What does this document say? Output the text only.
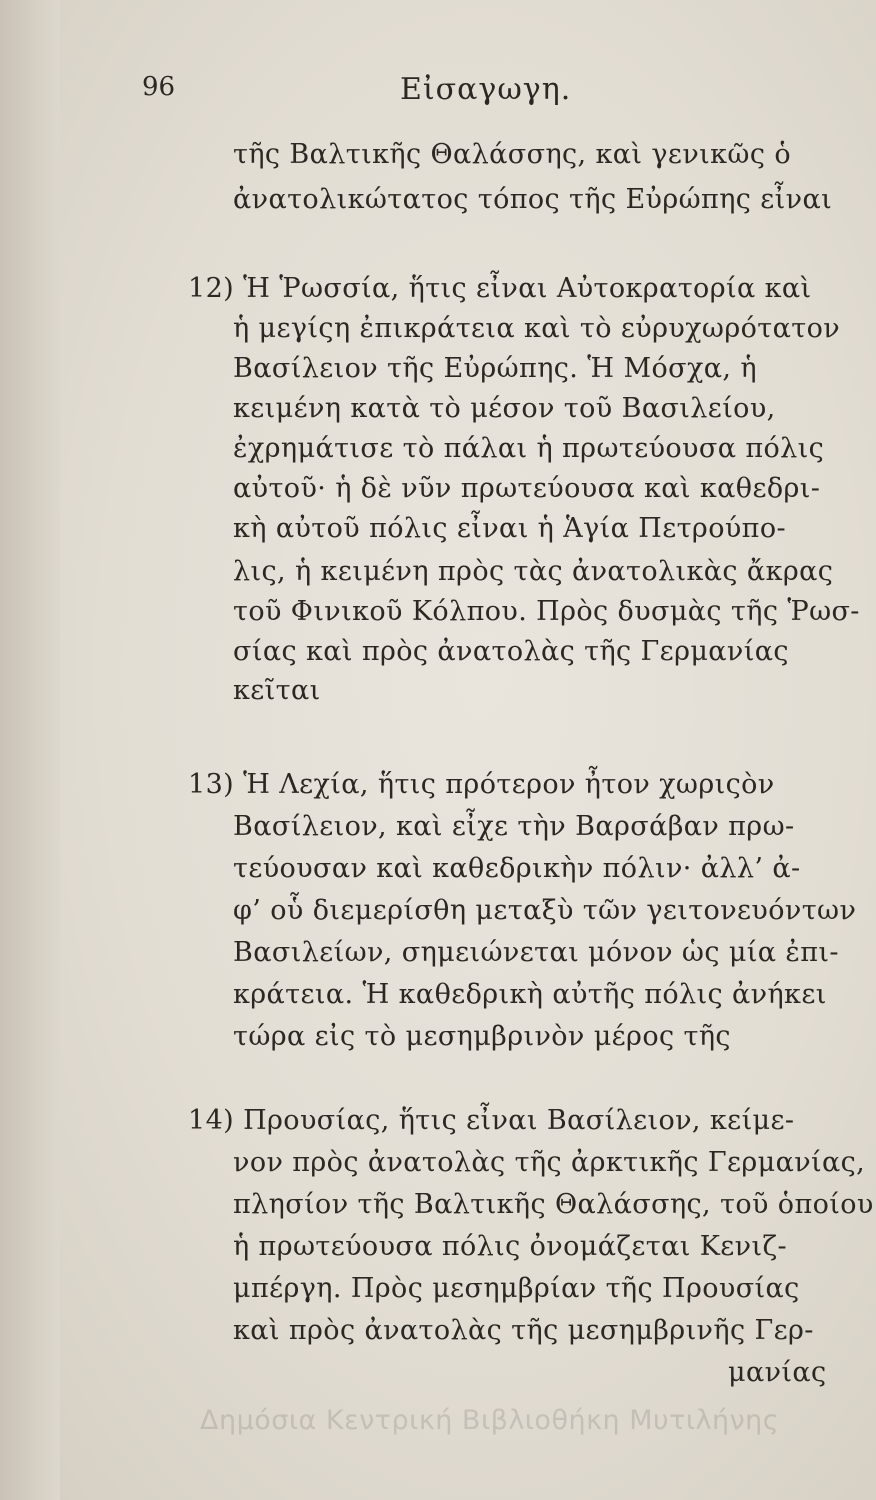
96	Εἰσαγωγη.
τῆς Βαλτικῆς Θαλάσσης, καὶ γενικῶς ὁ
ἀνατολικώτατος τόπος τῆς Εὐρώπης εἶναι
12) Ἡ Ῥωσσία, ἥτις εἶναι Αὐτοκρατορία καὶ
ἡ μεγίςη ἐπικράτεια καὶ τὸ εὐρυχωρότατον
Βασίλειον τῆς Εὐρώπης. Ἡ Μόσχα, ἡ
κειμένη κατὰ τὸ μέσον τοῦ Βασιλείου,
ἐχρημάτισε τὸ πάλαι ἡ πρωτεύουσα πόλις
αὐτοῦ· ἡ δὲ νῦν πρωτεύουσα καὶ καθεδρι-
κὴ αὐτοῦ πόλις εἶναι ἡ Ἁγία Πετρούπο-
λις, ἡ κειμένη πρὸς τὰς ἀνατολικὰς ἄκρας
τοῦ Φινικοῦ Κόλπου. Πρὸς δυσμὰς τῆς Ῥωσ-
σίας καὶ πρὸς ἀνατολὰς τῆς Γερμανίας
κεῖται
13) Ἡ Λεχία, ἥτις πρότερον ἦτον χωριςὸν
Βασίλειον, καὶ εἶχε τὴν Βαρσάβαν πρω-
τεύουσαν καὶ καθεδρικὴν πόλιν· ἀλλ’ ἀ-
φ’ οὗ διεμερίσθη μεταξὺ τῶν γειτονευόντων
Βασιλείων, σημειώνεται μόνον ὡς μία ἐπι-
κράτεια. Ἡ καθεδρικὴ αὐτῆς πόλις ἀνήκει
τώρα εἰς τὸ μεσημβρινὸν μέρος τῆς
14) Προυσίας, ἥτις εἶναι Βασίλειον, κείμε-
νον πρὸς ἀνατολὰς τῆς ἀρκτικῆς Γερμανίας,
πλησίον τῆς Βαλτικῆς Θαλάσσης, τοῦ ὁποίου
ἡ πρωτεύουσα πόλις ὀνομάζεται Κενιζ-
μπέργη. Πρὸς μεσημβρίαν τῆς Προυσίας
καὶ πρὸς ἀνατολὰς τῆς μεσημβρινῆς Γερ-
μανίας
Δημόσια Κεντρική Βιβλιοθήκη Μυτιλήνης
